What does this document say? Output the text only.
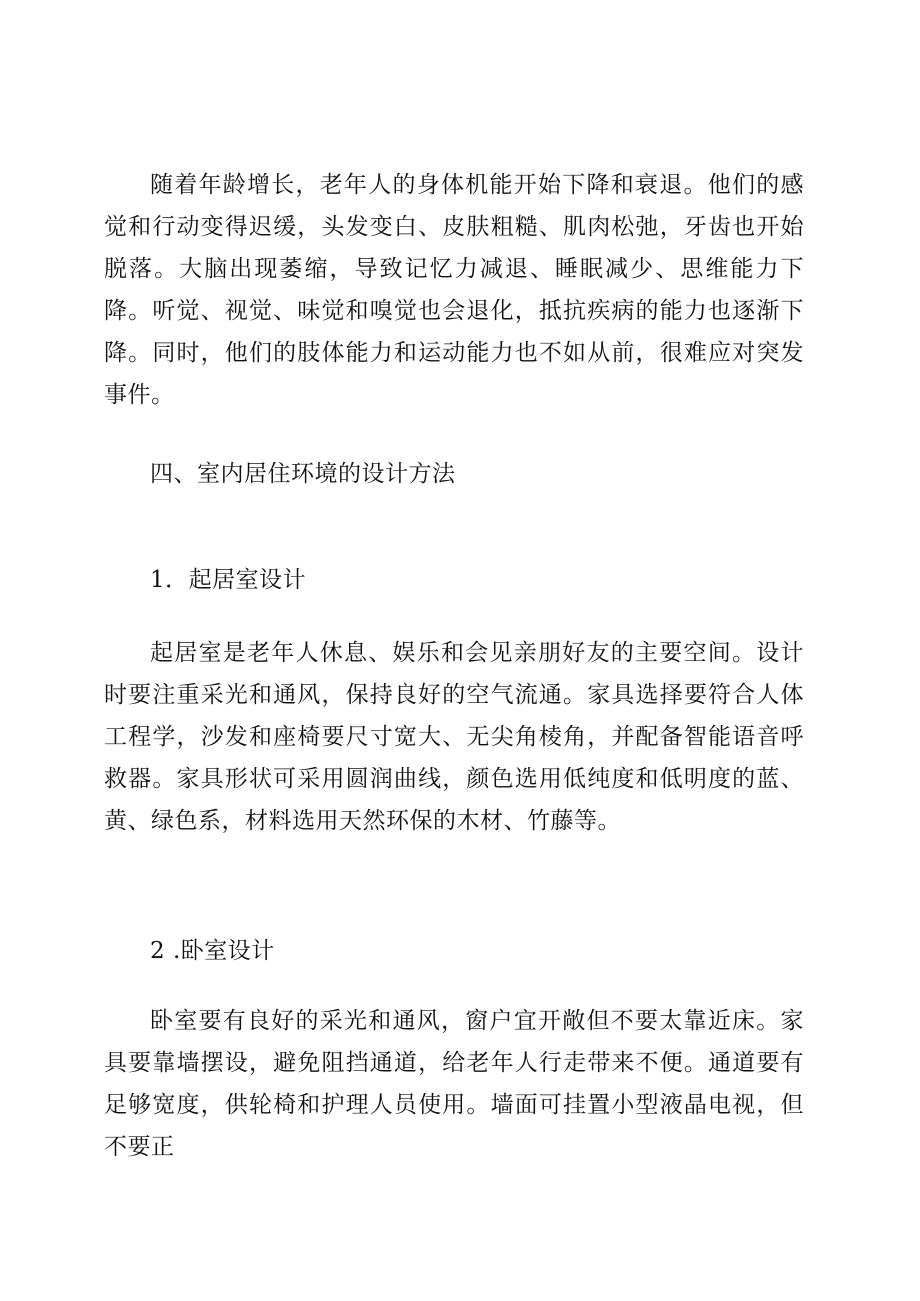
随着年龄增长，老年人的身体机能开始下降和衰退。他们的感觉和行动变得迟缓，头发变白、皮肤粗糙、肌肉松弛，牙齿也开始脱落。大脑出现萎缩，导致记忆力减退、睡眠减少、思维能力下降。听觉、视觉、味觉和嗅觉也会退化，抵抗疾病的能力也逐渐下降。同时，他们的肢体能力和运动能力也不如从前，很难应对突发事件。

四、室内居住环境的设计方法
1．起居室设计

起居室是老年人休息、娱乐和会见亲朋好友的主要空间。设计时要注重采光和通风，保持良好的空气流通。家具选择要符合人体工程学，沙发和座椅要尺寸宽大、无尖角棱角，并配备智能语音呼救器。家具形状可采用圆润曲线，颜色选用低纯度和低明度的蓝、黄、绿色系，材料选用天然环保的木材、竹藤等。

2 .卧室设计

卧室要有良好的采光和通风，窗户宜开敞但不要太靠近床。家具要靠墙摆设，避免阻挡通道，给老年人行走带来不便。通道要有足够宽度，供轮椅和护理人员使用。墙面可挂置小型液晶电视，但不要正
